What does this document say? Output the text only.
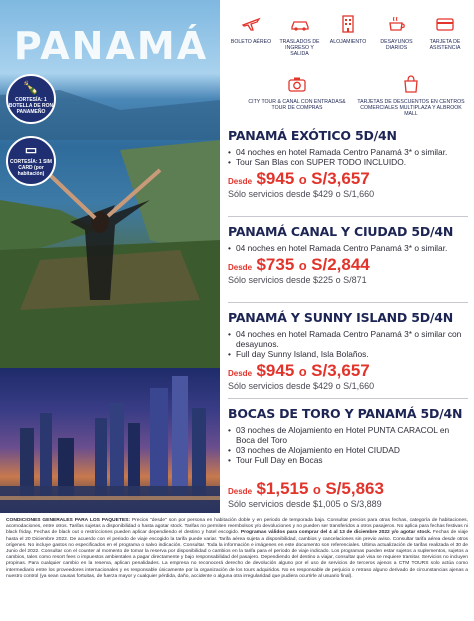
PANAMÁ
🍾
CORTESÍA: 1 BOTELLA DE RON PANAMEÑO
▭
CORTESÍA: 1 SIM CARD (por habitación)
BOLETO AÉREO	TRASLADOS DE INGRESO Y SALIDA
ALOJAMIENTO	DESAYUNOS DIARIOS
TARJETA DE ASISTENCIA
CITY TOUR & CANAL CON ENTRADAS& TOUR DE COMPRAS
TARJETAS DE DESCUENTOS EN CENTROS COMERCIALES MULTIPLAZA Y ALBROOK MALL
PANAMÁ EXÓTICO 5D/4N
• 04 noches en hotel Ramada Centro Panamá 3* o similar.
• Tour San Blas con SUPER TODO INCLUIDO.
Desde $945 o S/3,657
Sólo servicios desde $429 o S/1,660
PANAMÁ CANAL Y CIUDAD 5D/4N
• 04 noches en hotel Ramada Centro Panamá 3* o similar.
Desde $735 o S/2,844
Sólo servicios desde $225 o S/871
PANAMÁ Y SUNNY ISLAND 5D/4N
• 04 noches en hotel Ramada Centro Panamá 3* o similar con desayunos.
• Full day Sunny Island, Isla Bolaños.
Desde $945 o S/3,657
Sólo servicios desde $429 o S/1,660
BOCAS DE TORO Y PANAMÁ 5D/4N
• 03 noches de Alojamiento en Hotel PUNTA CARACOL en Boca del Toro
• 03 noches de Alojamiento en Hotel CIUDAD
• Tour Full Day en Bocas
Desde $1,515 o S/5,863
Sólo servicios desde $1,005 o S/3,889
CONDICIONES GENERALES PARA LOS PAQUETES: Precios "desde" son por persona en habitación doble y en periodo de temporada baja. Consultar precios para otras fechas, categoría de habitaciones, acomodaciones, entre otros. Tarifas sujetas a disponibilidad o hasta agotar stock. Tarifas no permiten reembolsos y/o devoluciones y no pueden ser transferidos a otros pasajeros. No aplica para fechas festivas ni black friday. Fechas de black out o restricciones pueden aplicar dependiendo el destino y hotel escogido. Programas válidos para comprar del 4 al 13 de diciembre 2022 y/o agotar stock. Fechas de viaje hasta el 20 Diciembre 2022. De acuerdo con el periodo de viaje escogido la tarifa puede variar. Tarifa aérea sujeta a disponibilidad, cambios y cancelaciones sin previo aviso. Consultar tarifa aérea desde otros orígenes. No incluye gastos no especificados en el programa o salvo indicación. Consultar. Toda la información e imágenes en este documento son referenciales. Ultima actualización de tarifas realizada el 30 de Junio del 2022. Consultar con el counter al momento de tomar la reserva por disponibilidad o cambios en la tarifa para el periodo de viaje indicado. Los programas pueden estar sujetos a suplementos, sujetos a cambios, tales como resort fees o impuestos ambientales a pagar directamente y bajo responsabilidad del pasajero. Dependiendo del destino a viajar, consultar qué visa se requiere tramitar. Servicios no incluyen propinas. Para cualquier cambio en la reserva, aplican penalidades. La empresa no reconocerá derecho de devolución alguno por el uso de servicios de terceros ajenos a CTM TOURS solo actúa como intermediario entre los proveedores internacionales y es responsable únicamente por la organización de los tours adquiridos. No es responsable de perjuicio o retraso alguno derivado de circunstancias ajenas a nuestro control (ya sean causas fortuitas, de fuerza mayor y cualquier pérdida, daño, accidente o alguna otra irregularidad que pudiera ocurrirle al usuario final).
